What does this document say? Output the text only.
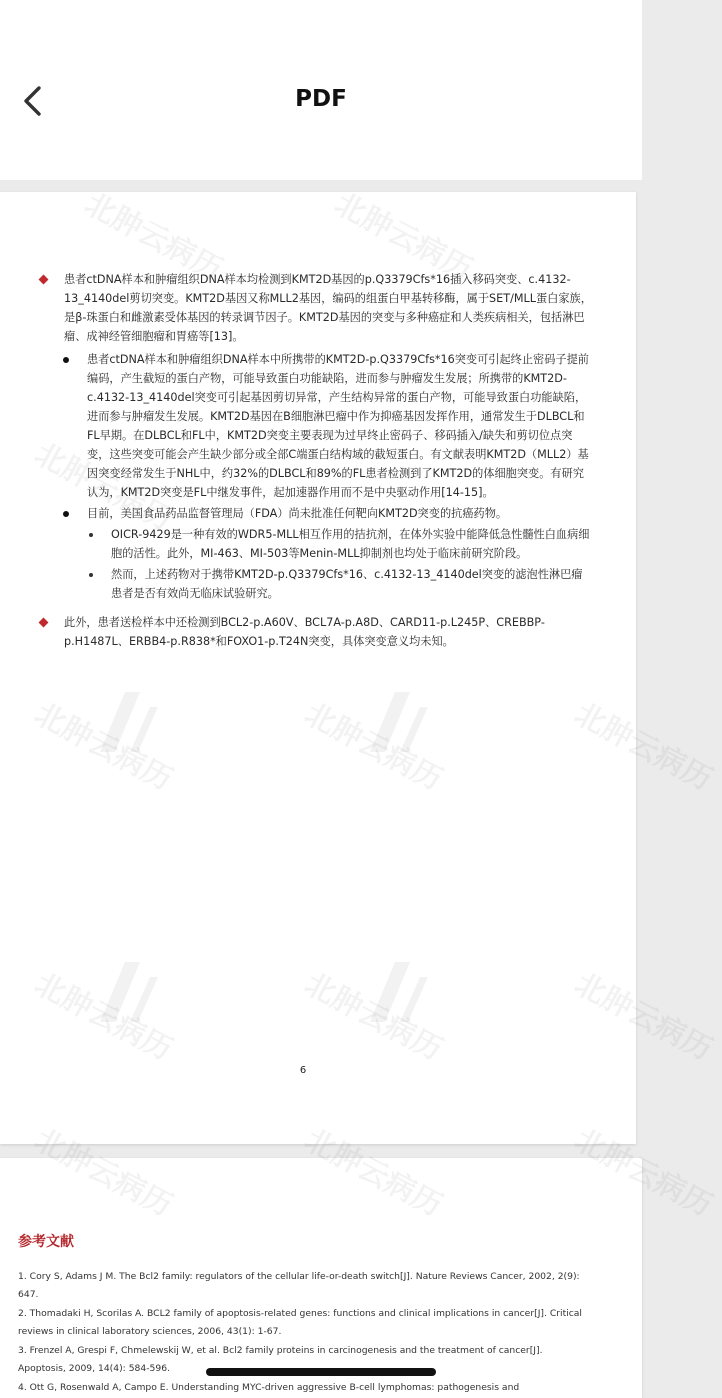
PDF
北肿云病历	北肿云病历
北肿云病历
北肿云病历	北肿云病历	北肿云病历
北肿云病历	北肿云病历	北肿云病历
患者ctDNA样本和肿瘤组织DNA样本均检测到KMT2D基因的p.Q3379Cfs*16插入移码突变、c.4132-13_4140del剪切突变。KMT2D基因又称MLL2基因，编码的组蛋白甲基转移酶，属于SET/MLL蛋白家族，是β-珠蛋白和雌激素受体基因的转录调节因子。KMT2D基因的突变与多种癌症和人类疾病相关，包括淋巴瘤、成神经管细胞瘤和胃癌等[13]。
患者ctDNA样本和肿瘤组织DNA样本中所携带的KMT2D-p.Q3379Cfs*16突变可引起终止密码子提前编码，产生截短的蛋白产物，可能导致蛋白功能缺陷，进而参与肿瘤发生发展；所携带的KMT2D-c.4132-13_4140del突变可引起基因剪切异常，产生结构异常的蛋白产物，可能导致蛋白功能缺陷，进而参与肿瘤发生发展。KMT2D基因在B细胞淋巴瘤中作为抑癌基因发挥作用，通常发生于DLBCL和FL早期。在DLBCL和FL中，KMT2D突变主要表现为过早终止密码子、移码插入/缺失和剪切位点突变，这些突变可能会产生缺少部分或全部C端蛋白结构域的截短蛋白。有文献表明KMT2D（MLL2）基因突变经常发生于NHL中，约32%的DLBCL和89%的FL患者检测到了KMT2D的体细胞突变。有研究认为，KMT2D突变是FL中继发事件，起加速器作用而不是中央驱动作用[14-15]。
目前，美国食品药品监督管理局（FDA）尚未批准任何靶向KMT2D突变的抗癌药物。
OICR-9429是一种有效的WDR5-MLL相互作用的拮抗剂，在体外实验中能降低急性髓性白血病细胞的活性。此外，MI-463、MI-503等Menin-MLL抑制剂也均处于临床前研究阶段。
然而，上述药物对于携带KMT2D-p.Q3379Cfs*16、c.4132-13_4140del突变的滤泡性淋巴瘤患者是否有效尚无临床试验研究。
此外，患者送检样本中还检测到BCL2-p.A60V、BCL7A-p.A8D、CARD11-p.L245P、CREBBP-p.H1487L、ERBB4-p.R838*和FOXO1-p.T24N突变，具体突变意义均未知。
6
北肿云病历	北肿云病历	北肿云病历
参考文献
1. Cory S, Adams J M. The Bcl2 family: regulators of the cellular life-or-death switch[J]. Nature Reviews Cancer, 2002, 2(9): 647.
2. Thomadaki H, Scorilas A. BCL2 family of apoptosis-related genes: functions and clinical implications in cancer[J]. Critical reviews in clinical laboratory sciences, 2006, 43(1): 1-67.
3. Frenzel A, Grespi F, Chmelewskij W, et al. Bcl2 family proteins in carcinogenesis and the treatment of cancer[J]. Apoptosis, 2009, 14(4): 584-596.
4. Ott G, Rosenwald A, Campo E. Understanding MYC-driven aggressive B-cell lymphomas: pathogenesis and
